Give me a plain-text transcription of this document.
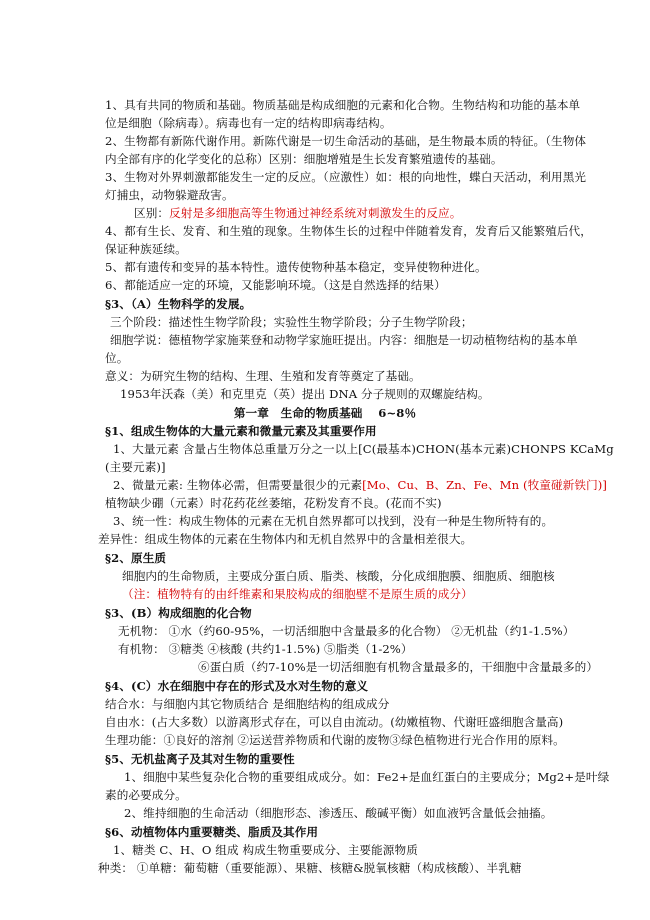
1、具有共同的物质和基础。物质基础是构成细胞的元素和化合物。生物结构和功能的基本单
位是细胞（除病毒）。病毒也有一定的结构即病毒结构。
2、生物都有新陈代谢作用。新陈代谢是一切生命活动的基础，是生物最本质的特征。（生物体
内全部有序的化学变化的总称）区别：细胞增殖是生长发育繁殖遗传的基础。
3、生物对外界刺激都能发生一定的反应。（应激性）如：根的向地性，蝶白天活动，利用黑光
灯捕虫，动物躲避敌害。
区别：反射是多细胞高等生物通过神经系统对刺激发生的反应。
4、都有生长、发育、和生殖的现象。生物体生长的过程中伴随着发育，发育后又能繁殖后代，
保证种族延续。
5、都有遗传和变异的基本特性。遗传使物种基本稳定，变异使物种进化。
6、都能适应一定的环境，又能影响环境。（这是自然选择的结果）
§3、（A）生物科学的发展。
三个阶段：描述性生物学阶段；实验性生物学阶段；分子生物学阶段；
细胞学说：德植物学家施莱登和动物学家施旺提出。内容：细胞是一切动植物结构的基本单
位。
意义：为研究生物的结构、生理、生殖和发育等奠定了基础。
1953年沃森（美）和克里克（英）提出 DNA 分子规则的双螺旋结构。
第一章　生命的物质基础　 6~8％
§1、组成生物体的大量元素和微量元素及其重要作用
1、大量元素 含量占生物体总重量万分之一以上[C(最基本)CHON(基本元素)CHONPS KCaMg
(主要元素)]
2、微量元素: 生物体必需，但需要量很少的元素[Mo、Cu、B、Zn、Fe、Mn (牧童碰新铁门)]
植物缺少硼（元素）时花药花丝萎缩，花粉发育不良。(花而不实)
3、统一性：构成生物体的元素在无机自然界都可以找到，没有一种是生物所特有的。
差异性：组成生物体的元素在生物体内和无机自然界中的含量相差很大。
§2、原生质
细胞内的生命物质，主要成分蛋白质、脂类、核酸，分化成细胞膜、细胞质、细胞核
（注：植物特有的由纤维素和果胶构成的细胞壁不是原生质的成分）
§3、(B）构成细胞的化合物
无机物： ①水（约60-95%，一切活细胞中含量最多的化合物） ②无机盐（约1-1.5%）
有机物： ③糖类 ④核酸 (共约1-1.5%) ⑤脂类（1-2%）
⑥蛋白质（约7-10%是一切活细胞有机物含量最多的，干细胞中含量最多的）
§4、(C）水在细胞中存在的形式及水对生物的意义
结合水：与细胞内其它物质结合 是细胞结构的组成成分
自由水：(占大多数）以游离形式存在，可以自由流动。(幼嫩植物、代谢旺盛细胞含量高)
生理功能：①良好的溶剂 ②运送营养物质和代谢的废物③绿色植物进行光合作用的原料。
§5、无机盐离子及其对生物的重要性
1、细胞中某些复杂化合物的重要组成成分。如：Fe2+是血红蛋白的主要成分；Mg2+是叶绿
素的必要成分。
2、维持细胞的生命活动（细胞形态、渗透压、酸碱平衡）如血液钙含量低会抽搐。
§6、动植物体内重要糖类、脂质及其作用
1、糖类 C、H、O 组成 构成生物重要成分、主要能源物质
种类： ①单糖：葡萄糖（重要能源）、果糖、核糖&脱氧核糖（构成核酸）、半乳糖
